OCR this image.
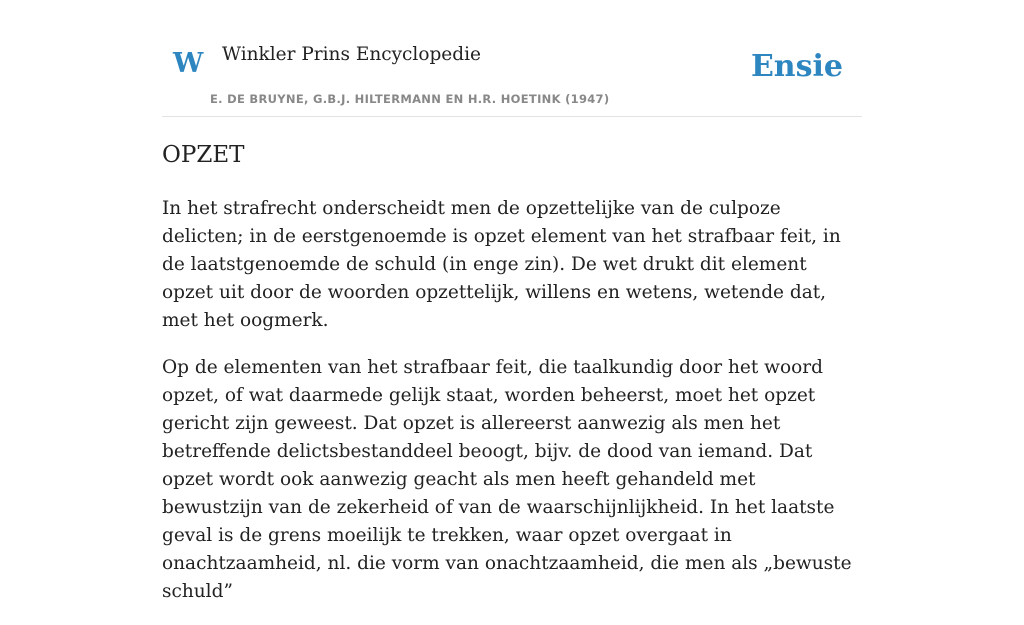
W Winkler Prins Encyclopedie
E. DE BRUYNE, G.B.J. HILTERMANN EN H.R. HOETINK (1947)
Ensie
OPZET

In het strafrecht onderscheidt men de opzettelijke van de culpoze delicten; in de eerstgenoemde is opzet element van het strafbaar feit, in de laatstgenoemde de schuld (in enge zin). De wet drukt dit element opzet uit door de woorden opzettelijk, willens en wetens, wetende dat, met het oogmerk.

Op de elementen van het strafbaar feit, die taalkundig door het woord opzet, of wat daarmede gelijk staat, worden beheerst, moet het opzet gericht zijn geweest. Dat opzet is allereerst aanwezig als men het betreffende delictsbestanddeel beoogt, bijv. de dood van iemand. Dat opzet wordt ook aanwezig geacht als men heeft gehandeld met bewustzijn van de zekerheid of van de waarschijnlijkheid. In het laatste geval is de grens moeilijk te trekken, waar opzet overgaat in onachtzaamheid, nl. die vorm van onachtzaamheid, die men als „bewuste schuld”
